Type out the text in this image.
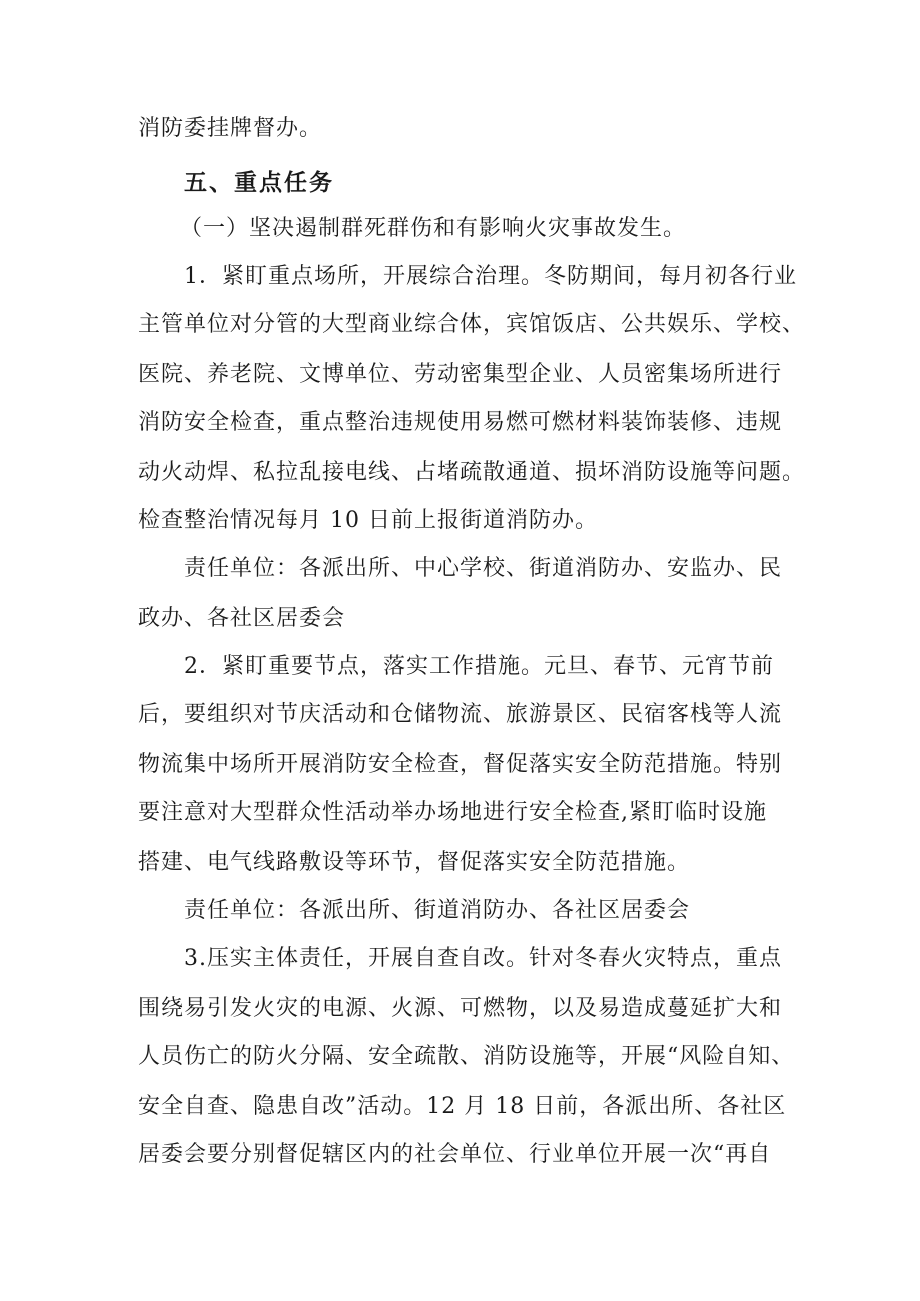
消防委挂牌督办。
五、重点任务
（一）坚决遏制群死群伤和有影响火灾事故发生。
1．紧盯重点场所，开展综合治理。冬防期间，每月初各行业
主管单位对分管的大型商业综合体，宾馆饭店、公共娱乐、学校、
医院、养老院、文博单位、劳动密集型企业、人员密集场所进行
消防安全检查，重点整治违规使用易燃可燃材料装饰装修、违规
动火动焊、私拉乱接电线、占堵疏散通道、损坏消防设施等问题。
检查整治情况每月 10 日前上报街道消防办。
责任单位：各派出所、中心学校、街道消防办、安监办、民
政办、各社区居委会
2．紧盯重要节点，落实工作措施。元旦、春节、元宵节前
后，要组织对节庆活动和仓储物流、旅游景区、民宿客栈等人流
物流集中场所开展消防安全检查，督促落实安全防范措施。特别
要注意对大型群众性活动举办场地进行安全检查,紧盯临时设施
搭建、电气线路敷设等环节，督促落实安全防范措施。
责任单位：各派出所、街道消防办、各社区居委会
3.压实主体责任，开展自查自改。针对冬春火灾特点，重点
围绕易引发火灾的电源、火源、可燃物，以及易造成蔓延扩大和
人员伤亡的防火分隔、安全疏散、消防设施等，开展“风险自知、
安全自查、隐患自改”活动。12 月 18 日前，各派出所、各社区
居委会要分别督促辖区内的社会单位、行业单位开展一次“再自
